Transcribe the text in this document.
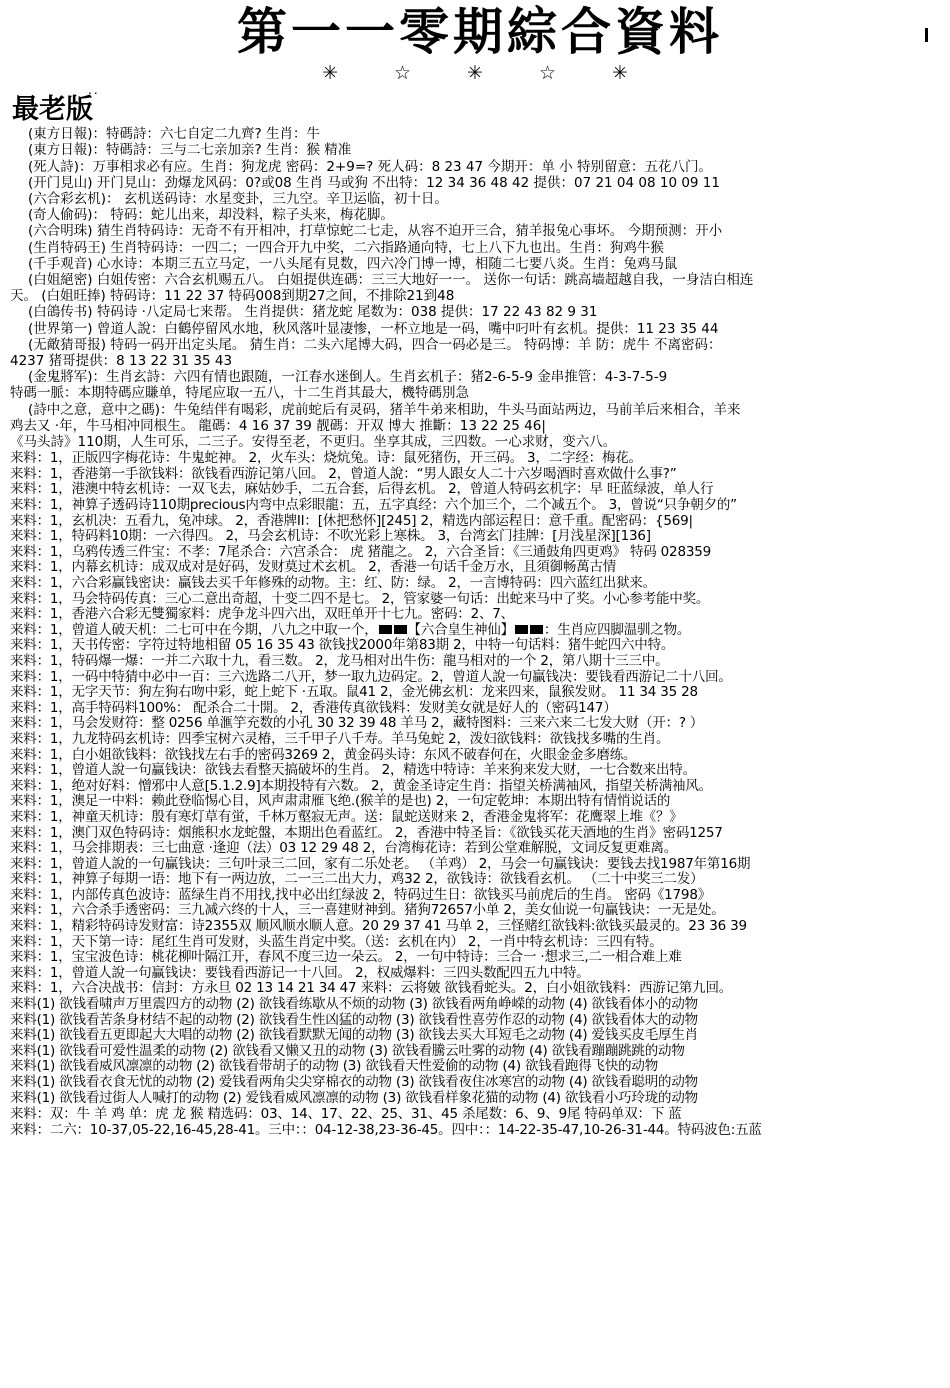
第一一零期綜合資料
✳☆✳☆✳
..
最老版
(東方日報)：特碼詩：六七自定二九齊? 生肖：牛
(東方日報)：特碼詩：三与二七亲加亲? 生肖：猴 精准
(死人詩)：万事相求必有应。生肖：狗龙虎 密码：2+9=? 死人码：8 23 47 今期开：单 小 特别留意：五花八门。
(开门見山) 开门見山：劲爆龙风码：0?或08 生肖 马或狗 不出特：12 34 36 48 42 提供：07 21 04 08 10 09 11
(六合彩玄机)： 玄机送码诗：水星变卦，三九空。辛卫运临，初十日。
(奇人偷码)： 特码：蛇儿出来，却没料，粽子头来，梅花脚。
(六合明珠) 猜生肖特码诗：无奇不有开相冲，打草惊蛇二七走，从容不迫开三合，猜羊报兔心事坏。 今期预测：开小
(生肖特码王) 生肖特码诗：一四二；一四合开九中奖，二六指路通向特，七上八下九也出。生肖：狗鸡牛猴
(千手观音) 心水诗：本期三五立马定，一八头尾有見数，四六冷门博一博，相随二七要八炎。生肖：兔鸡马鼠
(白姐絕密) 白姐传密：六合玄机赐五八。 白姐提供连碼：三三大地好一一。 送你一句话：跳高墙超越自我，一身洁白相连
天。 (白姐旺捧) 特码诗：11 22 37 特码008到期27之间，不排除21到48
(白鴿传书) 特码诗 ·八定局七来帮。 生肖提供：猪龙蛇 尾数为：038 提供：17 22 43 82 9 31
(世界第一) 曾道人說：白鶴停留风水地，秋风落叶显凄惨，一杯立地是一码，嘴中叼叶有玄机。提供：11 23 35 44
(无敵猜哥报) 特码一码开出定头尾。 猜生肖：二头六尾博大码，四合一码必是三。 特码博：羊 防：虎牛 不离密码：
4237 猪哥提供：8 13 22 31 35 43
(金鬼將军)：生肖玄詩：六四有情也跟随，一江春水迷倒人。生肖玄机子：猪2-6-5-9 金串推管：4-3-7-5-9
特碼一脈：本期特碼应賺单，特尾应取一五八，十二生肖其最大，機特碼別急
(詩中之意，意中之碼)：牛兔结伴有喝彩，虎前蛇后有灵码，猪羊牛弟来相助，牛头马面站两边，马前羊后来相合，羊来
鸡去又 ·年，牛马相冲同根生。 龍碼：4 16 37 39 靓碼：开双 博大 推斷：13 22 25 46|
《马头詩》110期，人生可乐，二三子。安得至老，不更归。坐享其成，三四数。一心求财，变六八。
来料：1，正版四字梅花诗：牛鬼蛇神。 2，火车头：烧炕兔。诗：鼠死猪伤，开三码。 3，二字经：梅花。
来料：1，香港第一手欲钱料：欲钱看西游记第八回。 2，曾道人說：“男人跟女人二十六岁喝酒时喜欢做什么事?”
来料：1，港澳中特玄机诗：一双飞去，麻姑妙手，二五合套，后得玄机。 2，曾道人特码玄机字：早 旺蓝绿波，单人行
来料：1，神算子透码诗110期precious内弯中点彩眼龍：五，五字真经：六个加三个，二个减五个。 3，曾说“只争朝夕的”
来料：1，玄机决：五看九，兔冲球。 2，香港牌II：[休把愁怀][245] 2，精选内部运程日：意千重。配密码：{569|
来料：1，特码料10期：一六得四。 2，马会玄机诗：不吹光彩上寒株。 3，台湾玄门挂牌：[月浅星深][136]
来料：1，乌鸦传透三件宝：不孝：7尾杀合：六宫杀合： 虎 猪龍之。 2，六合圣旨：《三通鼓角四更鸡》 特码 028359
来料：1，内幕玄机诗：成双成对是好码，发财莫过术玄机。 2，香港一句话千金万水，且須御畅萬古情
来料：1，六合彩贏钱密诀：贏钱去买千年修殊的动物。主：红、防：绿。 2，一言博特码：四六蓝红出狱来。
来料：1，马会特码传真：三心二意出奇超，十变二四不是七。 2，管家婆一句话：出蛇来马中了奖。小心参考能中奖。
来料：1，香港六合彩无雙獨家料：虎争龙斗四六出，双旺单开十七九。密码：2、7、
来料：1，曾道人破天机：二七可中在今期，八九之中取一个， 【六合皇生神仙】 ：生肖应四脚温驯之物。
来料：1，天书传密：字符过特地相留 05 16 35 43 欲钱找2000年第83期 2，中特一句话料：猪牛蛇四六中特。
来料：1，特码爆一爆：一并二六取十九，看三数。 2，龙马相对出牛伤：龍马相对的一个 2，第八期十三三中。
来料：1，一码中特猜中必中一百：三六选路二八开，梦一取九边码定。2，曾道人說一句贏钱决：要钱看西游记二十八回。
来料：1，无字天节：狗左狗右吻中彩，蛇上蛇下 ·五取。鼠41 2，金光佛玄机：龙来四来，鼠猴发财。 11 34 35 28
来料：1，高手特码料100%： 配杀合二十開。 2，香港传真欲钱料：发财美女就是好人的（密码147）
来料：1，马会发财符：整 0256 单滙竽充数的小孔 30 32 39 48 羊马 2，藏特图料：三来六来二七发大财（开：? ）
来料：1，九龙特码玄机诗：四季宝树六灵椿，三千甲子八千寿。羊马兔蛇 2，泼妇欲钱料：欲钱找多嘴的生肖。
来料：1，白小姐欲钱料：欲钱找左右手的密码3269 2，黄金码头诗：东风不破春何在，火眼金金多磨练。
来料：1，曾道人說一句贏钱诀：欲钱去看整天搞破坏的生肖。 2，精选中特诗：羊来狗来发大财，一七合数来出特。
来料：1，绝对好料：憎邪中人意[5.1.2.9]本期投特有六数。 2，黄金圣诗定生肖：指望关桥满袖风，指望关桥满袖风。
来料：1，澳足一中料：赖此登临惕心目，风声肃肃雁飞绝.(猴羊的是也) 2，一句定乾坤：本期出特有情悄说话的
来料：1，神童天机诗：殷有寒灯草有蛍，千林万壑寂无声。送：鼠蛇送财来 2，香港金鬼将军：花鹰翠上堆《？》
来料：1，澳门双色特码诗：烟熊积水龙蛇盤，本期出色看蓝红。 2，香港中特圣旨：《欲钱买花天酒地的生肖》密码1257
来料：1，马会排期表：三七曲意 ·逢迎（法）03 12 29 48 2，台湾梅花诗：若到公堂难解脱，文词反复更难离。
来料：1，曾道人說的一句贏钱诀：三句叶录三二回，家有二乐处老。 （羊鸡） 2，马会一句贏钱诀：要钱去找1987年第16期
来料：1，神算子每期一语：地下有一两边放，二一三二出大力，鸡32 2，欲钱诗：欲钱看玄机。 （二十中奖三二发）
来料：1，内部传真色波诗：蓝绿生肖不用找,找中必出红绿波 2，特码过生日：欲钱买马前虎后的生肖。 密码《1798》
来料：1，六合杀手透密码：三九减六终的十人，三一喜建财神到。猪狗72657小单 2，美女仙说一句贏钱诀：一无是处。
来料：1，精彩特码诗发财富：诗2355双 顺风顺水顺人意。20 29 37 41 马单 2，三怪赌红欲钱料:欲钱买最灵的。23 36 39
来料：1，天下第一诗：尾红生肖可发财，头蓝生肖定中奖。（送：玄机在内） 2，一肖中特玄机诗：三四有特。
来料：1，宝宝波色诗：桃花柳叶隔江开，春风不度三边一朵云。 2，一句中特诗：三合一 ·想求三,二一相合难上难
来料：1，曾道人說一句贏钱诀：要钱看西游记一十八回。 2，权威爆料：三四头数配四五九中特。
来料：1，六合决战书：信封：方永旦 02 13 14 21 34 47 来料：云将皴 欲钱看蛇头。2，白小姐欲钱料：西游记第九回。
来料(1) 欲钱看啸声万里震四方的动物 (2) 欲钱看练歇从不烦的动物 (3) 欲钱看两角峥嵘的动物 (4) 欲钱看体小的动物
来料(1) 欲钱看苦条身材结不起的动物 (2) 欲钱看生性凶猛的动物 (3) 欲钱看性喜劳作忍的动物 (4) 欲钱看体大的动物
来料(1) 欲钱看五更即起大大唱的动物 (2) 欲钱看默默无闻的动物 (3) 欲钱去买大耳短毛之动物 (4) 爱钱买皮毛厚生肖
来料(1) 欲钱看可爱性温柔的动物 (2) 欲钱看又懒又丑的动物 (3) 欲钱看騰云吐雾的动物 (4) 欲钱看蹦蹦跳跳的动物
来料(1) 欲钱看威风凛凛的动物 (2) 欲钱看带胡子的动物 (3) 欲钱看天性爱偷的动物 (4) 欲钱看跑得飞快的动物
来料(1) 欲钱看衣食无忧的动物 (2) 爱钱看两角尖尖穿棉衣的动物 (3) 欲钱看夜住冰寒宫的动物 (4) 欲钱看聪明的动物
来料(1) 欲钱看过街人人喊打的动物 (2) 爱钱看威风凛凛的动物 (3) 欲钱看样象花猫的动物 (4) 欲钱看小巧玲珑的动物
来料：双：牛 羊 鸡 单：虎 龙 猴 精选码：03、14、17、22、25、31、45 杀尾数：6、9、9尾 特码单双：下 蓝
来料：二六：10-37,05-22,16-45,28-41。三中：：04-12-38,23-36-45。四中：：14-22-35-47,10-26-31-44。特码波色:五蓝
